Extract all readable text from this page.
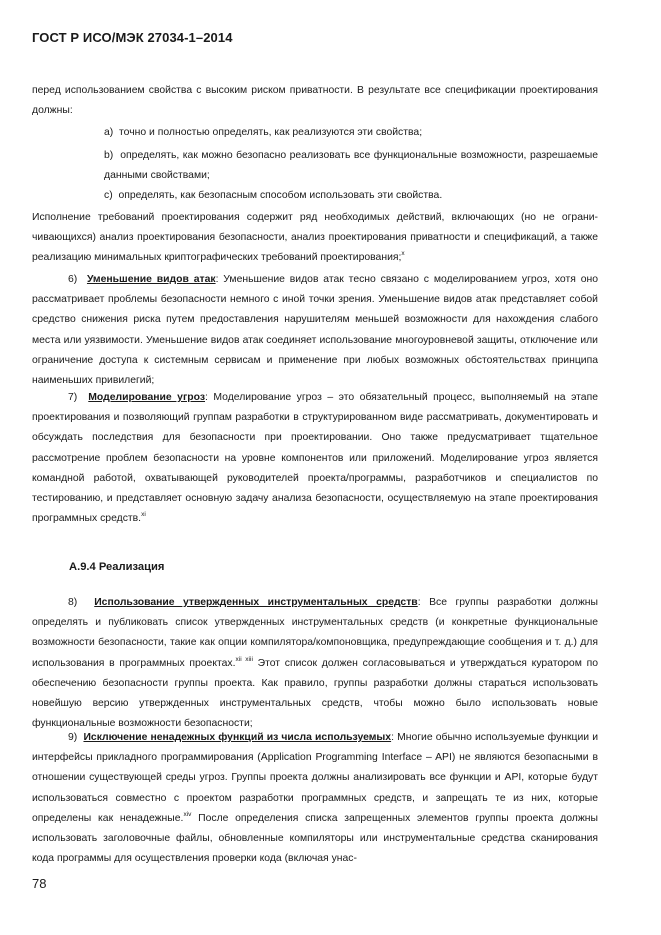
ГОСТ Р ИСО/МЭК 27034-1–2014
перед использованием свойства с высоким риском приватности. В результате все спецификации проектирования должны:
а) точно и полностью определять, как реализуются эти свойства;
b) определять, как можно безопасно реализовать все функциональные возможности, разрешаемые данными свойствами;
c) определять, как безопасным способом использовать эти свойства.
Исполнение требований проектирования содержит ряд необходимых действий, включающих (но не ограничивающихся) анализ проектирования безопасности, анализ проектирования приватности и спецификаций, а также реализацию минимальных криптографических требований проектирования;$^x$
6) Уменьшение видов атак: Уменьшение видов атак тесно связано с моделированием угроз, хотя оно рассматривает проблемы безопасности немного с иной точки зрения. Уменьшение видов атак представляет собой средство снижения риска путем предоставления нарушителям меньшей возможности для нахождения слабого места или уязвимости. Уменьшение видов атак соединяет использование многоуровневой защиты, отключение или ограничение доступа к системным сервисам и применение при любых возможных обстоятельствах принципа наименьших привилегий;
7) Моделирование угроз: Моделирование угроз – это обязательный процесс, выполняемый на этапе проектирования и позволяющий группам разработки в структурированном виде рассматривать, документировать и обсуждать последствия для безопасности при проектировании. Оно также предусматривает тщательное рассмотрение проблем безопасности на уровне компонентов или приложений. Моделирование угроз является командной работой, охватывающей руководителей проекта/программы, разработчиков и специалистов по тестированию, и представляет основную задачу анализа безопасности, осуществляемую на этапе проектирования программных средств.$^{xi}$
А.9.4 Реализация
8) Использование утвержденных инструментальных средств: Все группы разработки должны определять и публиковать список утвержденных инструментальных средств (и конкретные функциональные возможности безопасности, такие как опции компилятора/компоновщика, предупреждающие сообщения и т. д.) для использования в программных проектах.$^{xii xiii}$ Этот список должен согласовываться и утверждаться куратором по обеспечению безопасности группы проекта. Как правило, группы разработки должны стараться использовать новейшую версию утвержденных инструментальных средств, чтобы можно было использовать новые функциональные возможности безопасности;
9) Исключение ненадежных функций из числа используемых: Многие обычно используемые функции и интерфейсы прикладного программирования (Application Programming Interface – API) не являются безопасными в отношении существующей среды угроз. Группы проекта должны анализировать все функции и API, которые будут использоваться совместно с проектом разработки программных средств, и запрещать те из них, которые определены как ненадежные.$^{xiv}$ После определения списка запрещенных элементов группы проекта должны использовать заголовочные файлы, обновленные компиляторы или инструментальные средства сканирования кода программы для осуществления проверки кода (включая унас-
78
